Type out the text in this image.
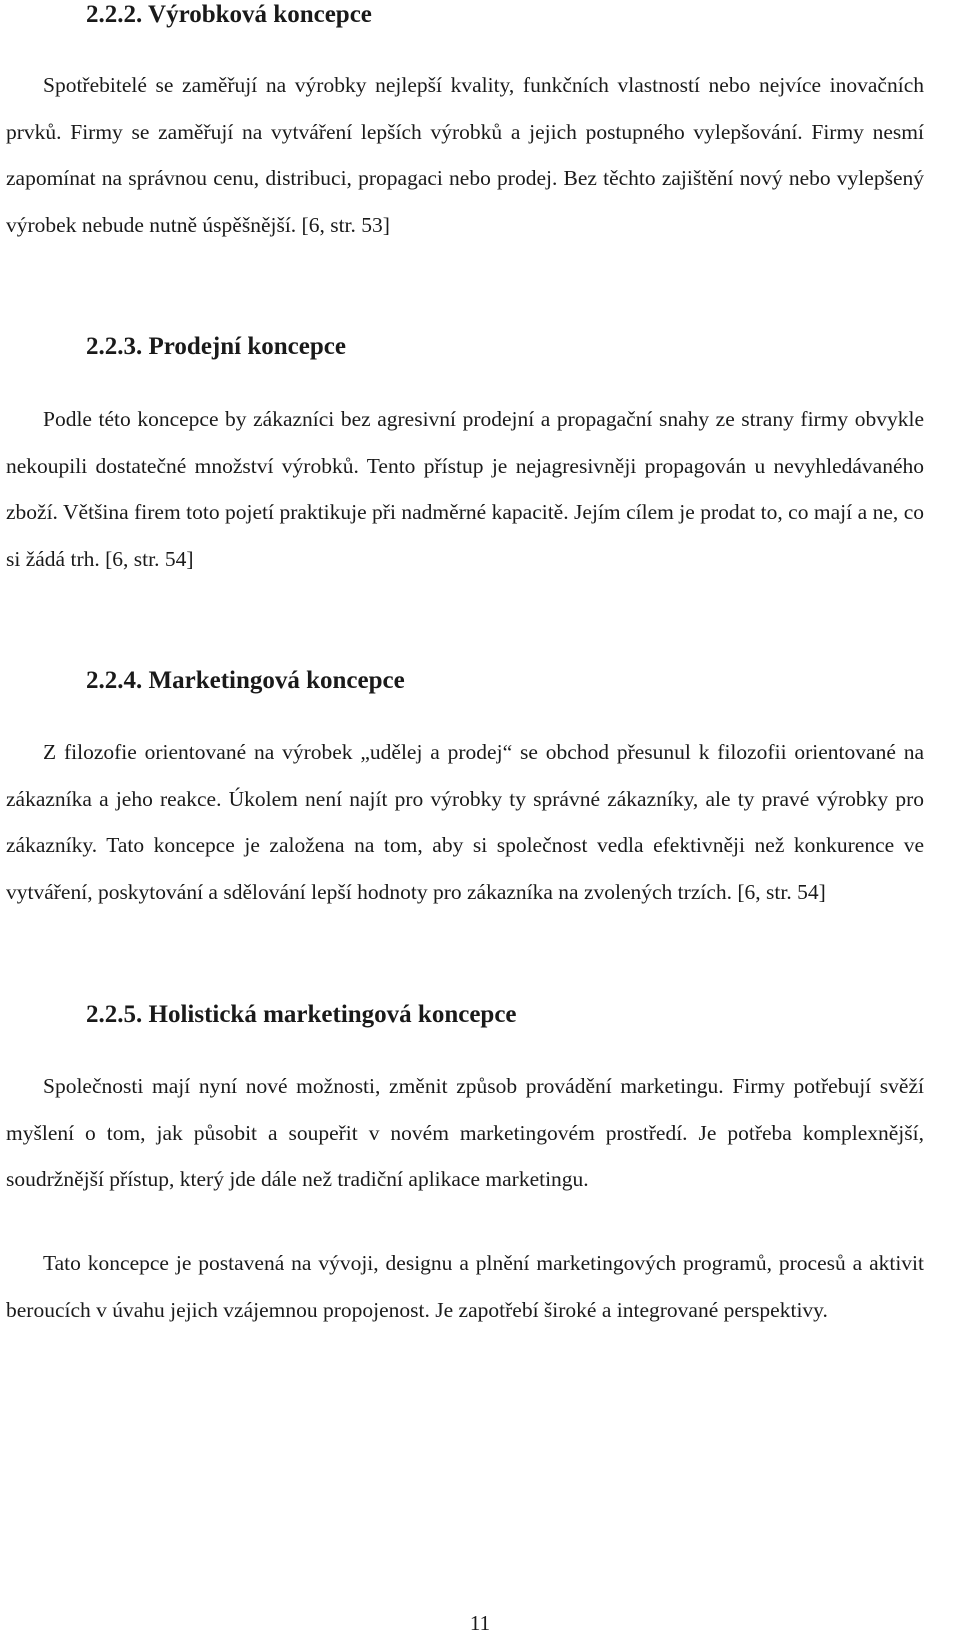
2.2.2. Výrobková koncepce

Spotřebitelé se zaměřují na výrobky nejlepší kvality, funkčních vlastností nebo nejvíce inovačních prvků. Firmy se zaměřují na vytváření lepších výrobků a jejich postupného vylepšování. Firmy nesmí zapomínat na správnou cenu, distribuci, propagaci nebo prodej. Bez těchto zajištění nový nebo vylepšený výrobek nebude nutně úspěšnější. [6, str. 53]

2.2.3. Prodejní koncepce

Podle této koncepce by zákazníci bez agresivní prodejní a propagační snahy ze strany firmy obvykle nekoupili dostatečné množství výrobků. Tento přístup je nejagresivněji propagován u nevyhledávaného zboží. Většina firem toto pojetí praktikuje při nadměrné kapacitě. Jejím cílem je prodat to, co mají a ne, co si žádá trh. [6, str. 54]

2.2.4. Marketingová koncepce

Z filozofie orientované na výrobek „udělej a prodej“ se obchod přesunul k filozofii orientované na zákazníka a jeho reakce. Úkolem není najít pro výrobky ty správné zákazníky, ale ty pravé výrobky pro zákazníky. Tato koncepce je založena na tom, aby si společnost vedla efektivněji než konkurence ve vytváření, poskytování a sdělování lepší hodnoty pro zákazníka na zvolených trzích. [6, str. 54]

2.2.5. Holistická marketingová koncepce

Společnosti mají nyní nové možnosti, změnit způsob provádění marketingu. Firmy potřebují svěží myšlení o tom, jak působit a soupeřit v novém marketingovém prostředí. Je potřeba komplexnější, soudržnější přístup, který jde dále než tradiční aplikace marketingu.

Tato koncepce je postavená na vývoji, designu a plnění marketingových programů, procesů a aktivit beroucích v úvahu jejich vzájemnou propojenost. Je zapotřebí široké a integrované perspektivy.

11
